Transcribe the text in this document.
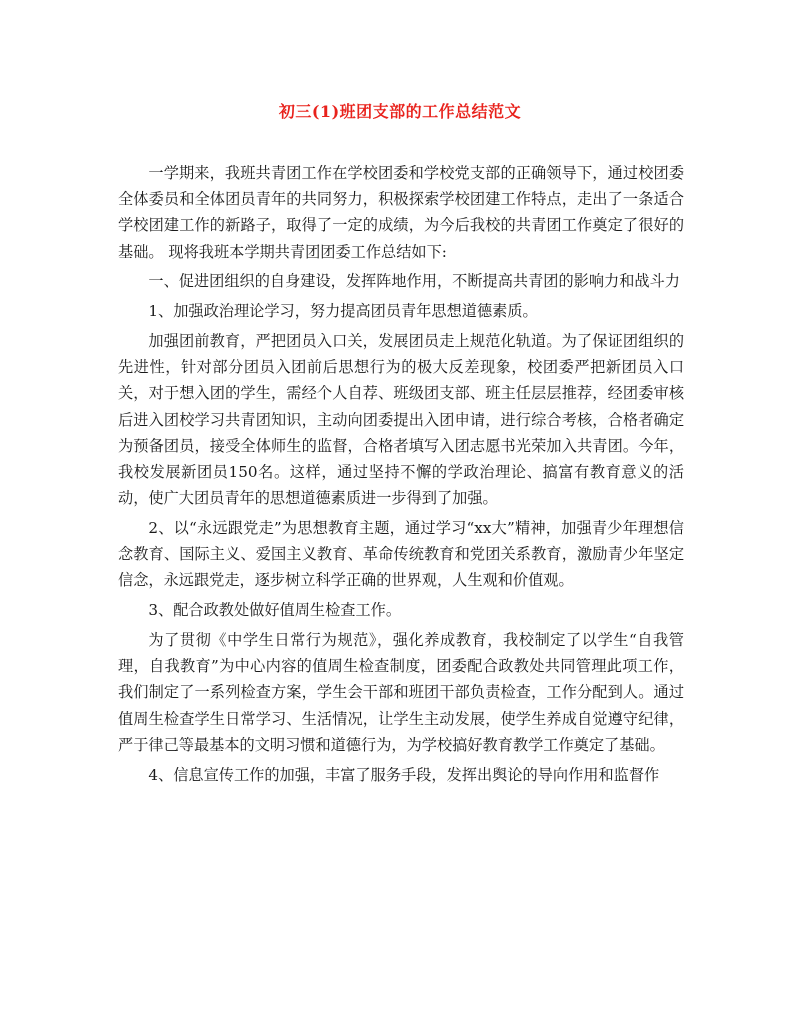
初三(1)班团支部的工作总结范文

一学期来，我班共青团工作在学校团委和学校党支部的正确领导下，通过校团委全体委员和全体团员青年的共同努力，积极探索学校团建工作特点，走出了一条适合学校团建工作的新路子，取得了一定的成绩，为今后我校的共青团工作奠定了很好的基础。 现将我班本学期共青团团委工作总结如下:

一、促进团组织的自身建设，发挥阵地作用，不断提高共青团的影响力和战斗力

1、加强政治理论学习，努力提高团员青年思想道德素质。

加强团前教育，严把团员入口关，发展团员走上规范化轨道。为了保证团组织的先进性，针对部分团员入团前后思想行为的极大反差现象，校团委严把新团员入口关，对于想入团的学生，需经个人自荐、班级团支部、班主任层层推荐，经团委审核后进入团校学习共青团知识，主动向团委提出入团申请，进行综合考核，合格者确定为预备团员，接受全体师生的监督，合格者填写入团志愿书光荣加入共青团。今年，我校发展新团员150名。这样，通过坚持不懈的学政治理论、搞富有教育意义的活动，使广大团员青年的思想道德素质进一步得到了加强。

2、以“永远跟党走”为思想教育主题，通过学习“xx大”精神，加强青少年理想信念教育、国际主义、爱国主义教育、革命传统教育和党团关系教育，激励青少年坚定信念，永远跟党走，逐步树立科学正确的世界观，人生观和价值观。

3、配合政教处做好值周生检查工作。

为了贯彻《中学生日常行为规范》，强化养成教育，我校制定了以学生“自我管理，自我教育”为中心内容的值周生检查制度，团委配合政教处共同管理此项工作，我们制定了一系列检查方案，学生会干部和班团干部负责检查，工作分配到人。通过值周生检查学生日常学习、生活情况，让学生主动发展，使学生养成自觉遵守纪律，严于律己等最基本的文明习惯和道德行为，为学校搞好教育教学工作奠定了基础。

4、信息宣传工作的加强，丰富了服务手段，发挥出舆论的导向作用和监督作
